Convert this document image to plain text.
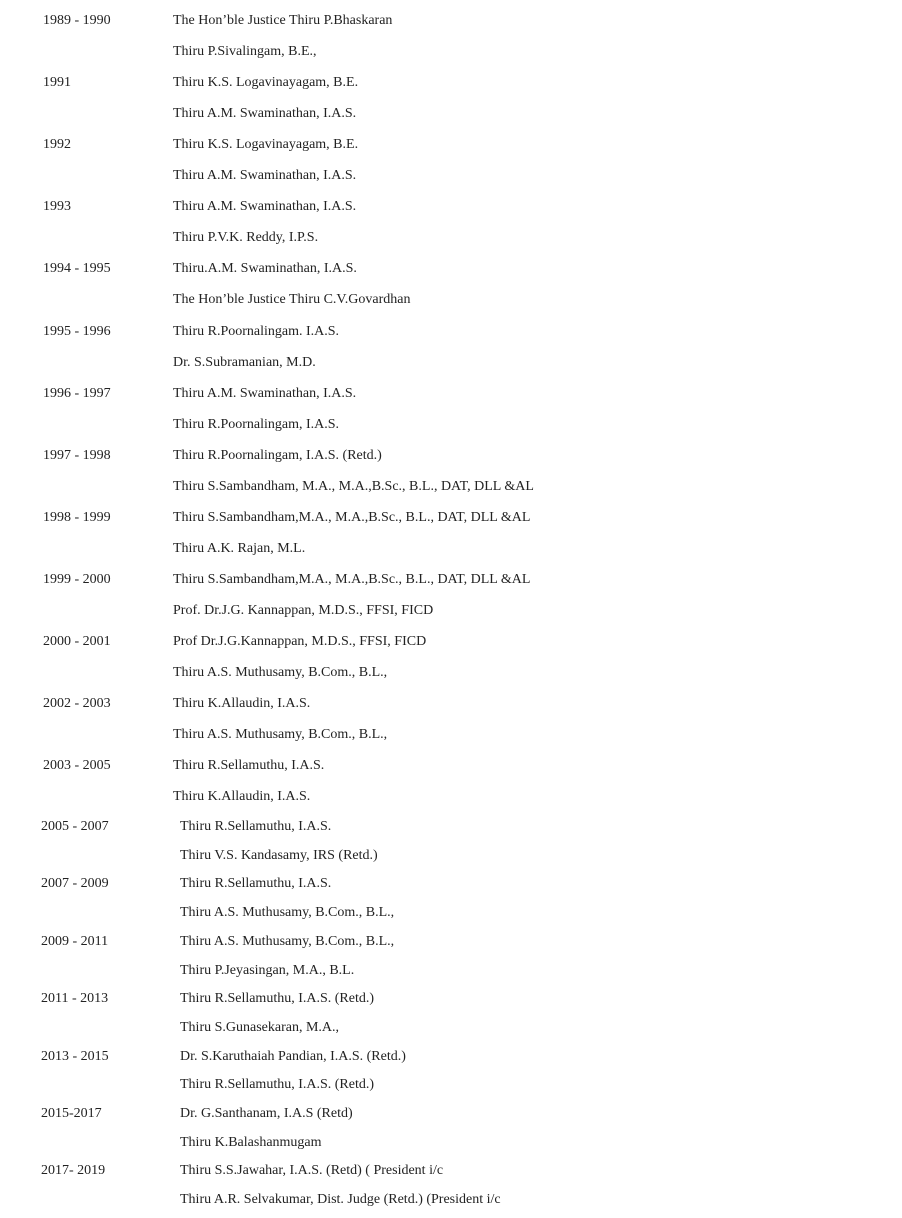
1989 - 1990	The Hon’ble Justice Thiru P.Bhaskaran
Thiru P.Sivalingam, B.E.,
1991	Thiru K.S. Logavinayagam, B.E.
Thiru A.M. Swaminathan, I.A.S.
1992	Thiru K.S. Logavinayagam, B.E.
Thiru A.M. Swaminathan, I.A.S.
1993	Thiru A.M. Swaminathan, I.A.S.
Thiru P.V.K. Reddy, I.P.S.
1994 - 1995	Thiru.A.M. Swaminathan, I.A.S.
The Hon’ble Justice Thiru C.V.Govardhan
1995 - 1996	Thiru R.Poornalingam. I.A.S.
Dr. S.Subramanian, M.D.
1996 - 1997	Thiru A.M. Swaminathan, I.A.S.
Thiru R.Poornalingam, I.A.S.
1997 - 1998	Thiru R.Poornalingam, I.A.S. (Retd.)
Thiru S.Sambandham, M.A., M.A.,B.Sc., B.L., DAT, DLL &AL
1998 - 1999	Thiru S.Sambandham,M.A., M.A.,B.Sc., B.L., DAT, DLL &AL
Thiru A.K. Rajan, M.L.
1999 - 2000	Thiru S.Sambandham,M.A., M.A.,B.Sc., B.L., DAT, DLL &AL
Prof. Dr.J.G. Kannappan, M.D.S., FFSI, FICD
2000 - 2001	Prof Dr.J.G.Kannappan, M.D.S., FFSI, FICD
Thiru A.S. Muthusamy, B.Com., B.L.,
2002 - 2003	Thiru K.Allaudin, I.A.S.
Thiru A.S. Muthusamy, B.Com., B.L.,
2003 - 2005	Thiru R.Sellamuthu, I.A.S.
Thiru K.Allaudin, I.A.S.
2005 - 2007	Thiru R.Sellamuthu, I.A.S.
Thiru V.S. Kandasamy, IRS (Retd.)
2007 - 2009	Thiru R.Sellamuthu, I.A.S.
Thiru A.S. Muthusamy, B.Com., B.L.,
2009 - 2011	Thiru A.S. Muthusamy, B.Com., B.L.,
Thiru P.Jeyasingan, M.A., B.L.
2011 - 2013	Thiru R.Sellamuthu, I.A.S. (Retd.)
Thiru S.Gunasekaran, M.A.,
2013 - 2015	Dr. S.Karuthaiah Pandian, I.A.S. (Retd.)
Thiru R.Sellamuthu, I.A.S. (Retd.)
2015-2017	Dr. G.Santhanam, I.A.S (Retd)
Thiru K.Balashanmugam
2017- 2019	Thiru S.S.Jawahar, I.A.S. (Retd) ( President i/c
Thiru A.R. Selvakumar, Dist. Judge (Retd.) (President i/c
